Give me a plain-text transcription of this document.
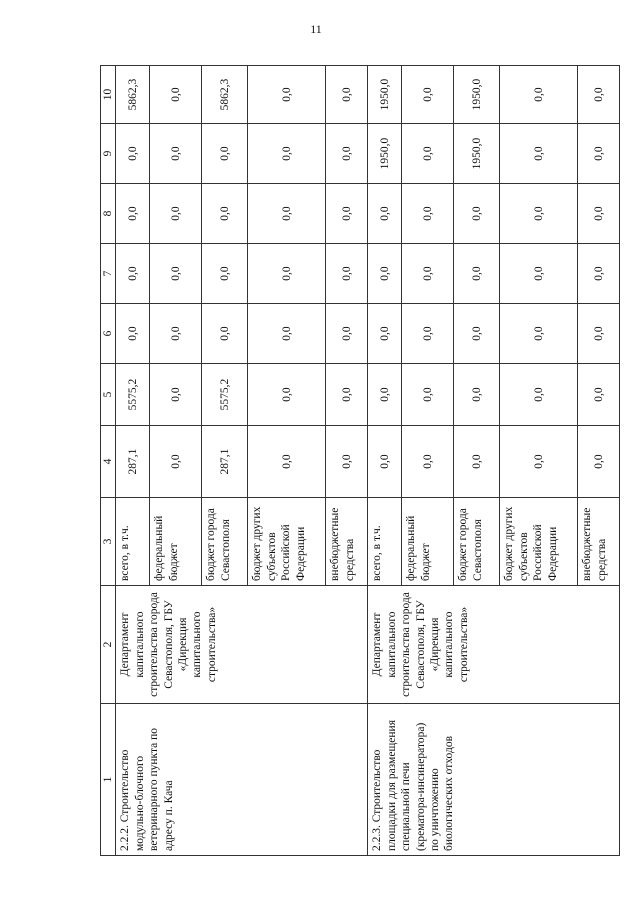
11
1	2	3	4	5	6	7	8	9	10
2.2.2. Строительство модульно-блочного ветеринарного пункта по адресу п. Кача	Департамент капитального строительства города Севастополя, ГБУ «Дирекция капитального строительства»	всего, в т.ч.	287,1	5575,2	0,0	0,0	0,0	0,0	5862,3
		федеральный бюджет	0,0	0,0	0,0	0,0	0,0	0,0	0,0
		бюджет города Севастополя	287,1	5575,2	0,0	0,0	0,0	0,0	5862,3
		бюджет других субъектов Российской Федерации	0,0	0,0	0,0	0,0	0,0	0,0	0,0
		внебюджетные средства	0,0	0,0	0,0	0,0	0,0	0,0	0,0
2.2.3. Строительство площадки для размещения специальной печи (крематора-инсинератора) по уничтожению биологических отходов	Департамент капитального строительства города Севастополя, ГБУ «Дирекция капитального строительства»	всего, в т.ч.	0,0	0,0	0,0	0,0	0,0	1950,0	1950,0
		федеральный бюджет	0,0	0,0	0,0	0,0	0,0	0,0	0,0
		бюджет города Севастополя	0,0	0,0	0,0	0,0	0,0	1950,0	1950,0
		бюджет других субъектов Российской Федерации	0,0	0,0	0,0	0,0	0,0	0,0	0,0
		внебюджетные средства	0,0	0,0	0,0	0,0	0,0	0,0	0,0
